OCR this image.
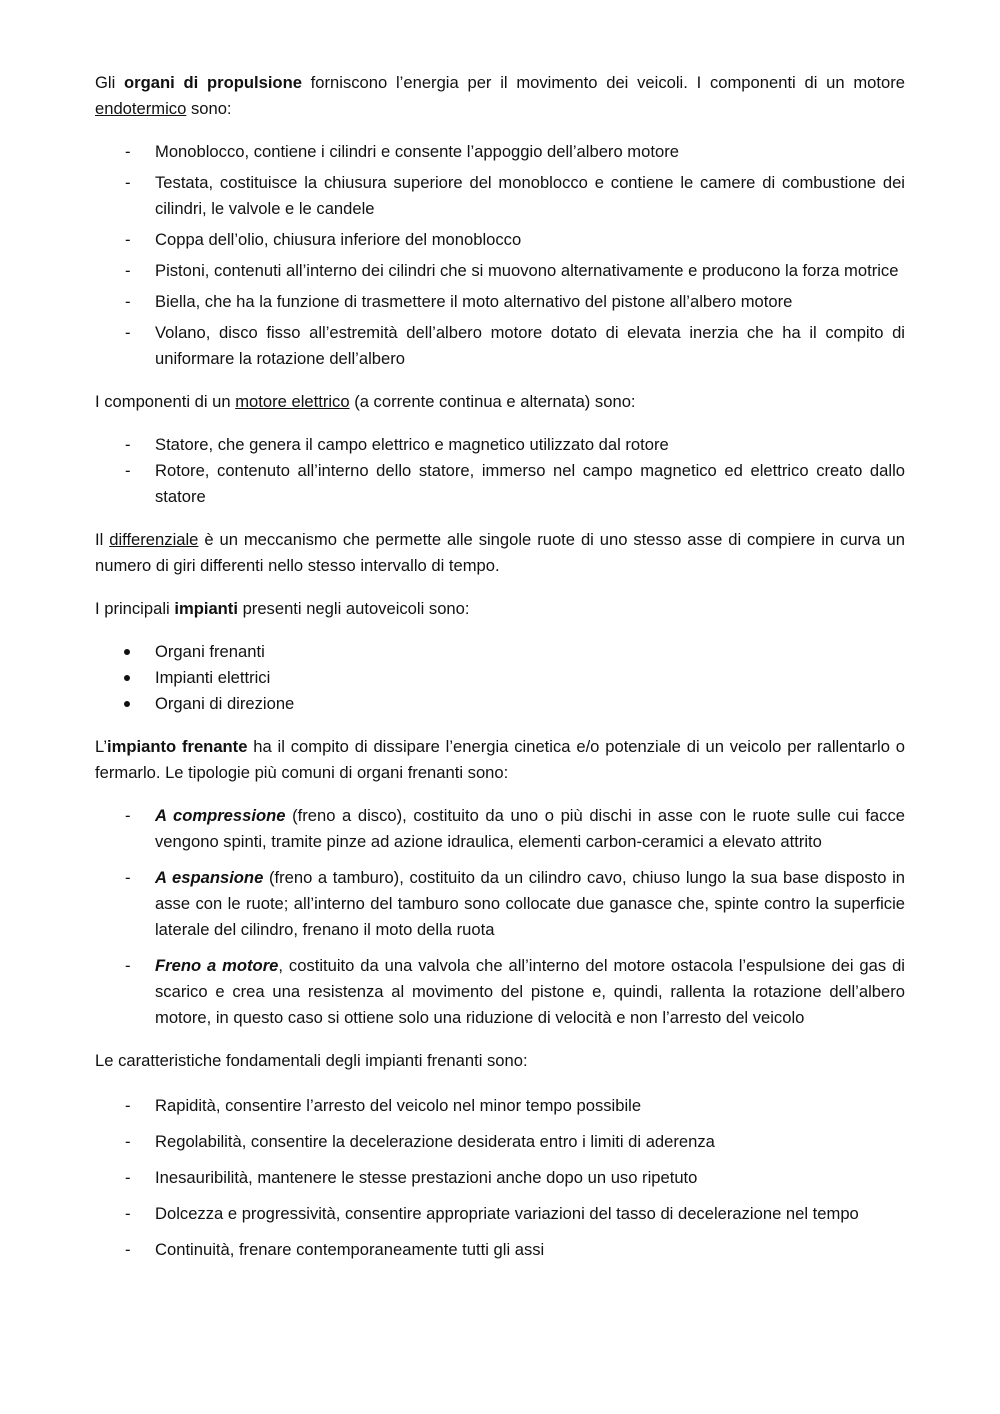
Gli organi di propulsione forniscono l’energia per il movimento dei veicoli. I componenti di un motore endotermico sono:

- Monoblocco, contiene i cilindri e consente l’appoggio dell’albero motore
- Testata, costituisce la chiusura superiore del monoblocco e contiene le camere di combustione dei cilindri, le valvole e le candele
- Coppa dell’olio, chiusura inferiore del monoblocco
- Pistoni, contenuti all’interno dei cilindri che si muovono alternativamente e producono la forza motrice
- Biella, che ha la funzione di trasmettere il moto alternativo del pistone all’albero motore
- Volano, disco fisso all’estremità dell’albero motore dotato di elevata inerzia che ha il compito di uniformare la rotazione dell’albero

I componenti di un motore elettrico (a corrente continua e alternata) sono:

- Statore, che genera il campo elettrico e magnetico utilizzato dal rotore
- Rotore, contenuto all’interno dello statore, immerso nel campo magnetico ed elettrico creato dallo statore

Il differenziale è un meccanismo che permette alle singole ruote di uno stesso asse di compiere in curva un numero di giri differenti nello stesso intervallo di tempo.

I principali impianti presenti negli autoveicoli sono:

Organi frenanti
Impianti elettrici
Organi di direzione

L’impianto frenante ha il compito di dissipare l’energia cinetica e/o potenziale di un veicolo per rallentarlo o fermarlo. Le tipologie più comuni di organi frenanti sono:

- A compressione (freno a disco), costituito da uno o più dischi in asse con le ruote sulle cui facce vengono spinti, tramite pinze ad azione idraulica, elementi carbon-ceramici a elevato attrito
- A espansione (freno a tamburo), costituito da un cilindro cavo, chiuso lungo la sua base disposto in asse con le ruote; all’interno del tamburo sono collocate due ganasce che, spinte contro la superficie laterale del cilindro, frenano il moto della ruota
- Freno a motore, costituito da una valvola che all’interno del motore ostacola l’espulsione dei gas di scarico e crea una resistenza al movimento del pistone e, quindi, rallenta la rotazione dell’albero motore, in questo caso si ottiene solo una riduzione di velocità e non l’arresto del veicolo

Le caratteristiche fondamentali degli impianti frenanti sono:

- Rapidità, consentire l’arresto del veicolo nel minor tempo possibile
- Regolabilità, consentire la decelerazione desiderata entro i limiti di aderenza
- Inesauribilità, mantenere le stesse prestazioni anche dopo un uso ripetuto
- Dolcezza e progressività, consentire appropriate variazioni del tasso di decelerazione nel tempo
- Continuità, frenare contemporaneamente tutti gli assi
